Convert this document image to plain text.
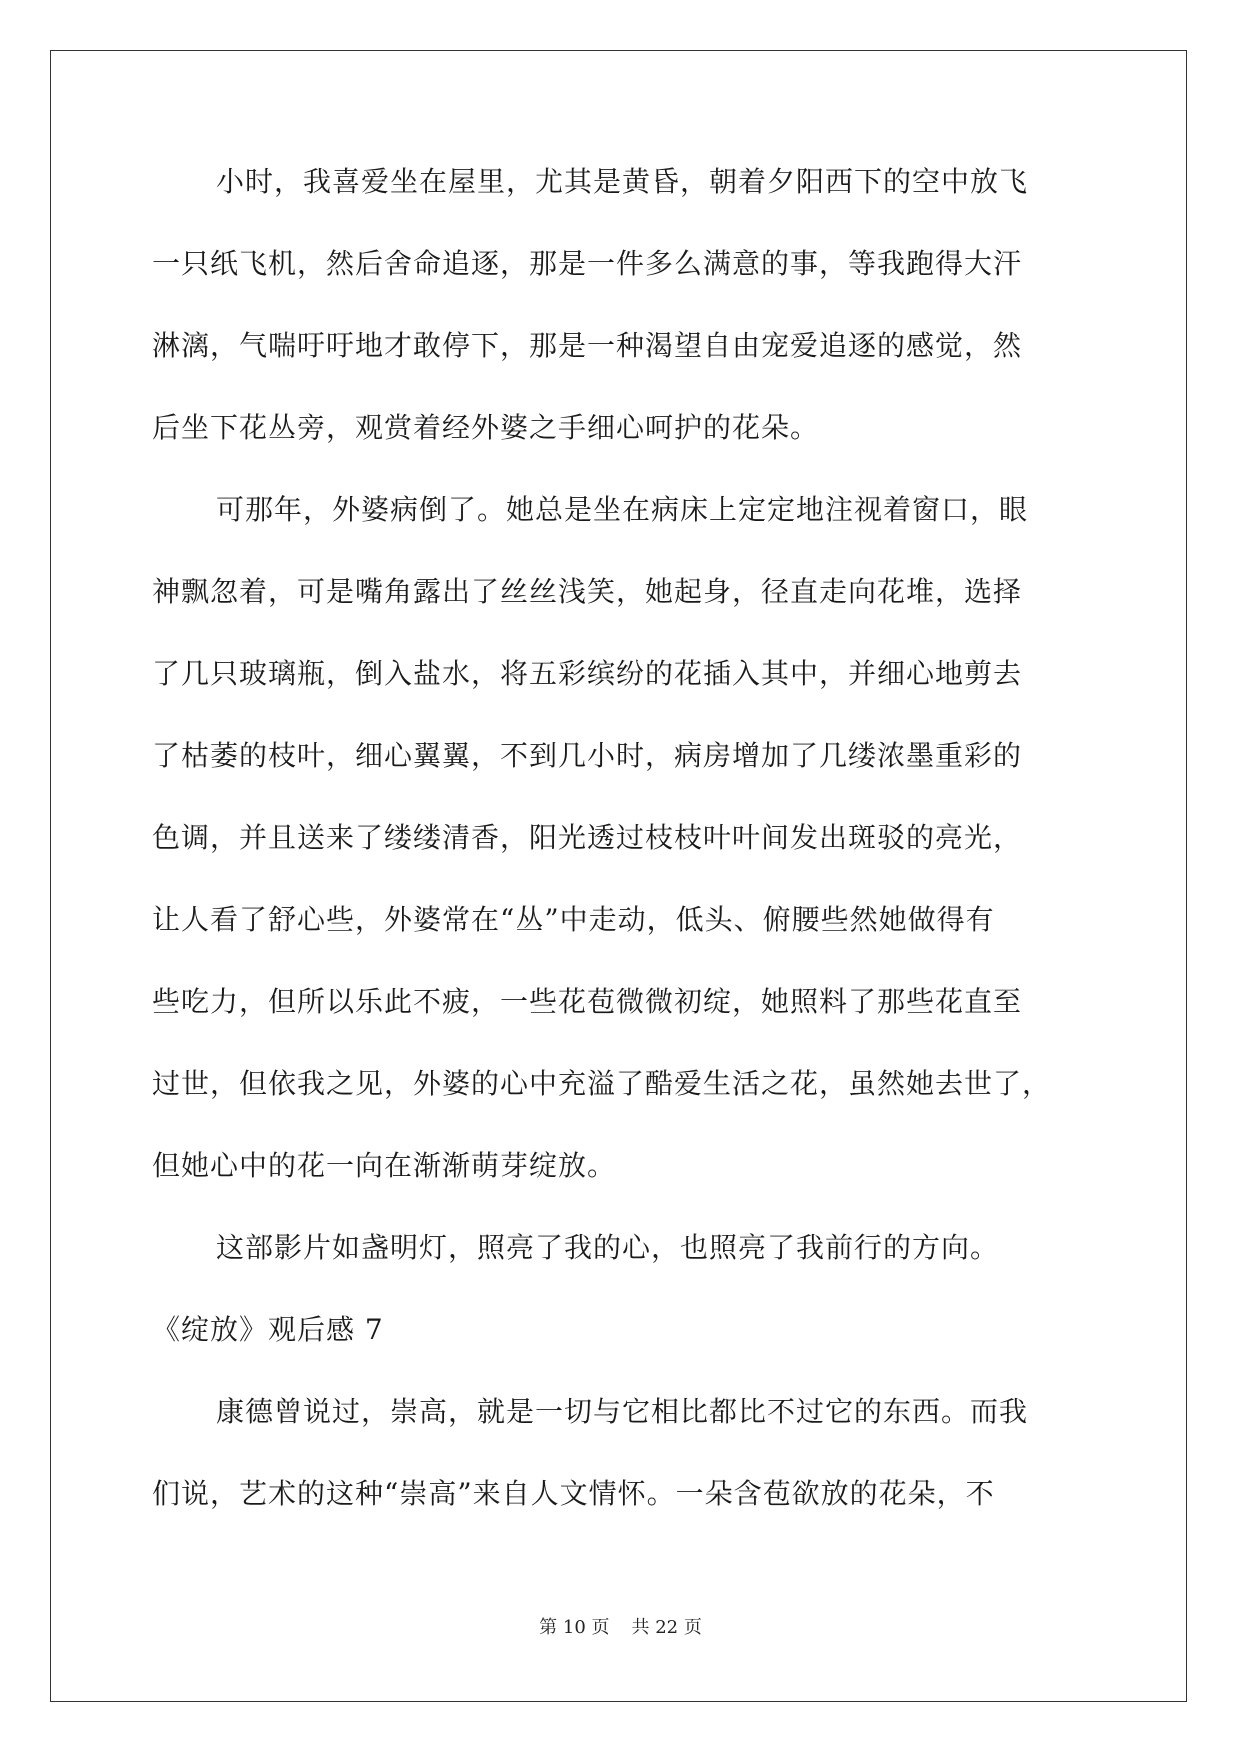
小时，我喜爱坐在屋里，尤其是黄昏，朝着夕阳西下的空中放飞
一只纸飞机，然后舍命追逐，那是一件多么满意的事，等我跑得大汗
淋漓，气喘吁吁地才敢停下，那是一种渴望自由宠爱追逐的感觉，然
后坐下花丛旁，观赏着经外婆之手细心呵护的花朵。
可那年，外婆病倒了。她总是坐在病床上定定地注视着窗口，眼
神飘忽着，可是嘴角露出了丝丝浅笑，她起身，径直走向花堆，选择
了几只玻璃瓶，倒入盐水，将五彩缤纷的花插入其中，并细心地剪去
了枯萎的枝叶，细心翼翼，不到几小时，病房增加了几缕浓墨重彩的
色调，并且送来了缕缕清香，阳光透过枝枝叶叶间发出斑驳的亮光，
让人看了舒心些，外婆常在“丛”中走动，低头、俯腰些然她做得有
些吃力，但所以乐此不疲，一些花苞微微初绽，她照料了那些花直至
过世，但依我之见，外婆的心中充溢了酷爱生活之花，虽然她去世了，
但她心中的花一向在渐渐萌芽绽放。
这部影片如盏明灯，照亮了我的心，也照亮了我前行的方向。
《绽放》观后感 7
康德曾说过，崇高，就是一切与它相比都比不过它的东西。而我
们说，艺术的这种“崇高”来自人文情怀。一朵含苞欲放的花朵，不
第 10 页 共 22 页
